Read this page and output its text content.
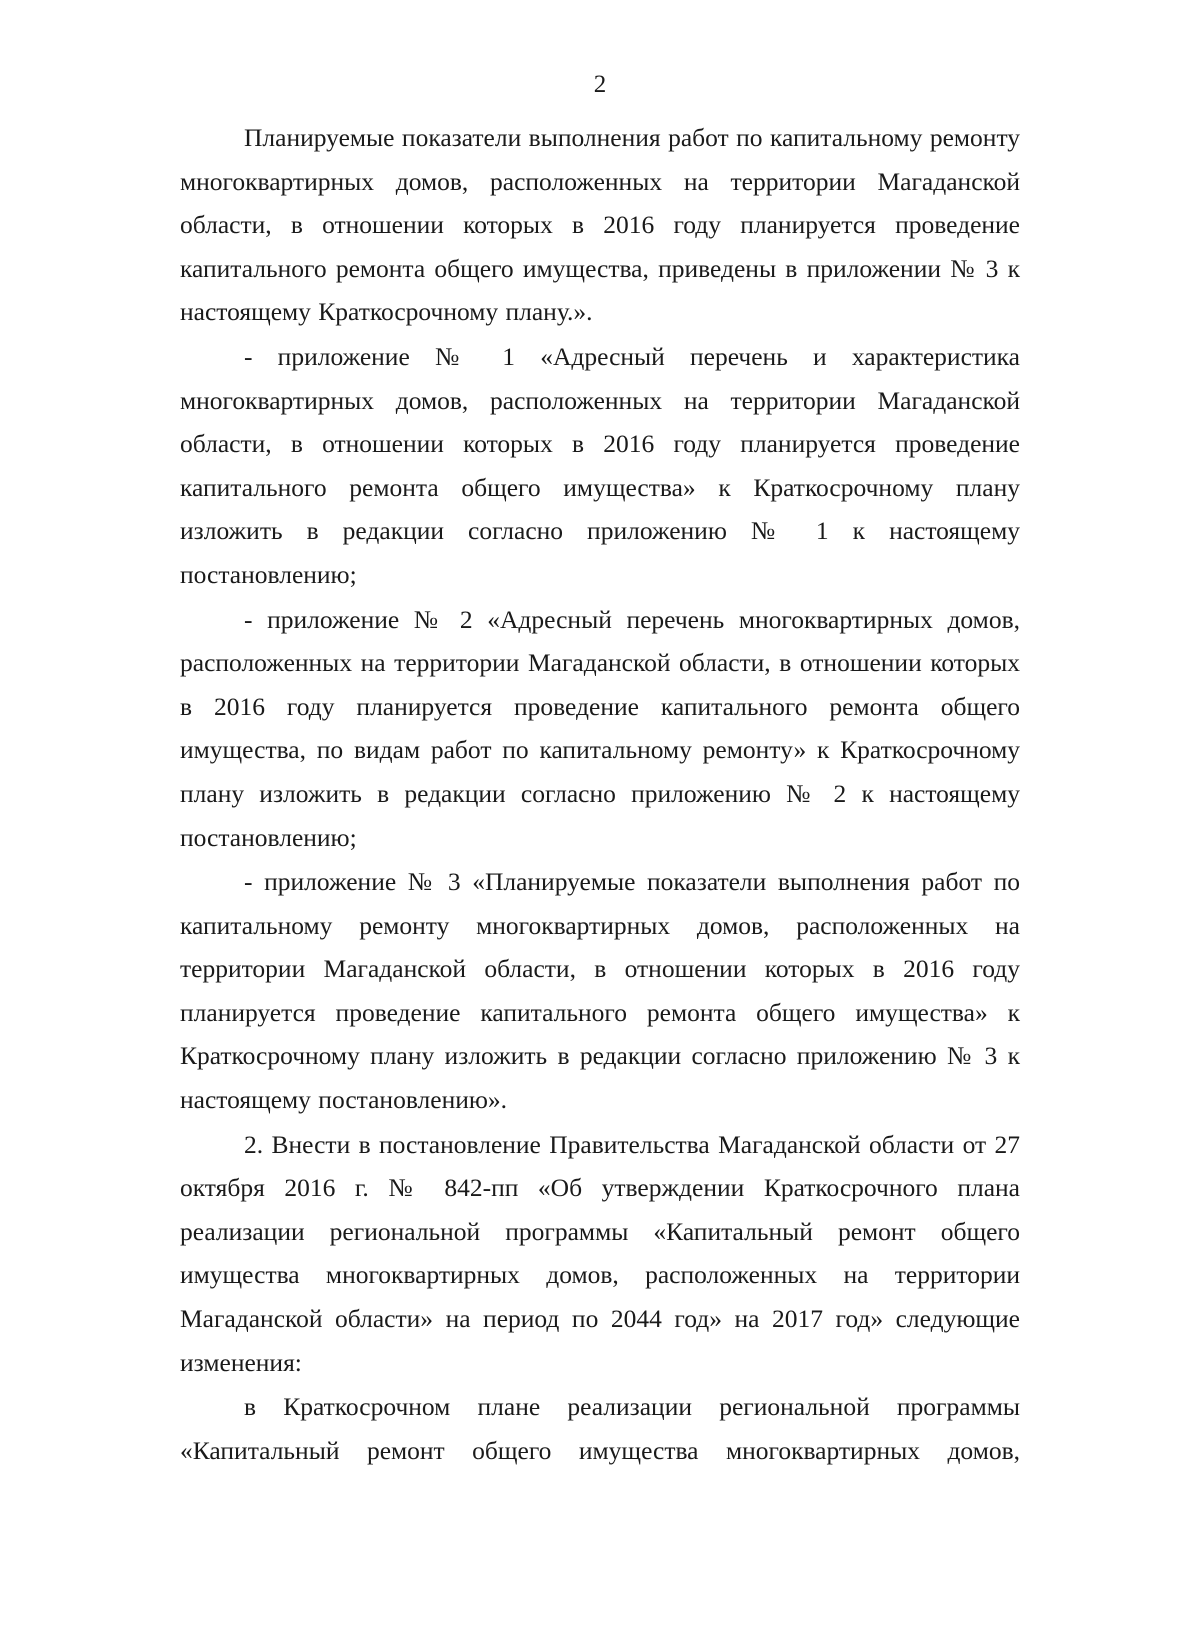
2

Планируемые показатели выполнения работ по капитальному ремонту многоквартирных домов, расположенных на территории Магаданской области, в отношении которых в 2016 году планируется проведение капитального ремонта общего имущества, приведены в приложении № 3 к настоящему Краткосрочному плану.».

- приложение № 1 «Адресный перечень и характеристика многоквартирных домов, расположенных на территории Магаданской области, в отношении которых в 2016 году планируется проведение капитального ремонта общего имущества» к Краткосрочному плану изложить в редакции согласно приложению № 1 к настоящему постановлению;

- приложение № 2 «Адресный перечень многоквартирных домов, расположенных на территории Магаданской области, в отношении которых в 2016 году планируется проведение капитального ремонта общего имущества, по видам работ по капитальному ремонту» к Краткосрочному плану изложить в редакции согласно приложению № 2 к настоящему постановлению;

- приложение № 3 «Планируемые показатели выполнения работ по капитальному ремонту многоквартирных домов, расположенных на территории Магаданской области, в отношении которых в 2016 году планируется проведение капитального ремонта общего имущества» к Краткосрочному плану изложить в редакции согласно приложению № 3 к настоящему постановлению».

2. Внести в постановление Правительства Магаданской области от 27 октября 2016 г. № 842-пп «Об утверждении Краткосрочного плана реализации региональной программы «Капитальный ремонт общего имущества многоквартирных домов, расположенных на территории Магаданской области» на период по 2044 год» на 2017 год» следующие изменения:

в Краткосрочном плане реализации региональной программы «Капитальный ремонт общего имущества многоквартирных домов,
